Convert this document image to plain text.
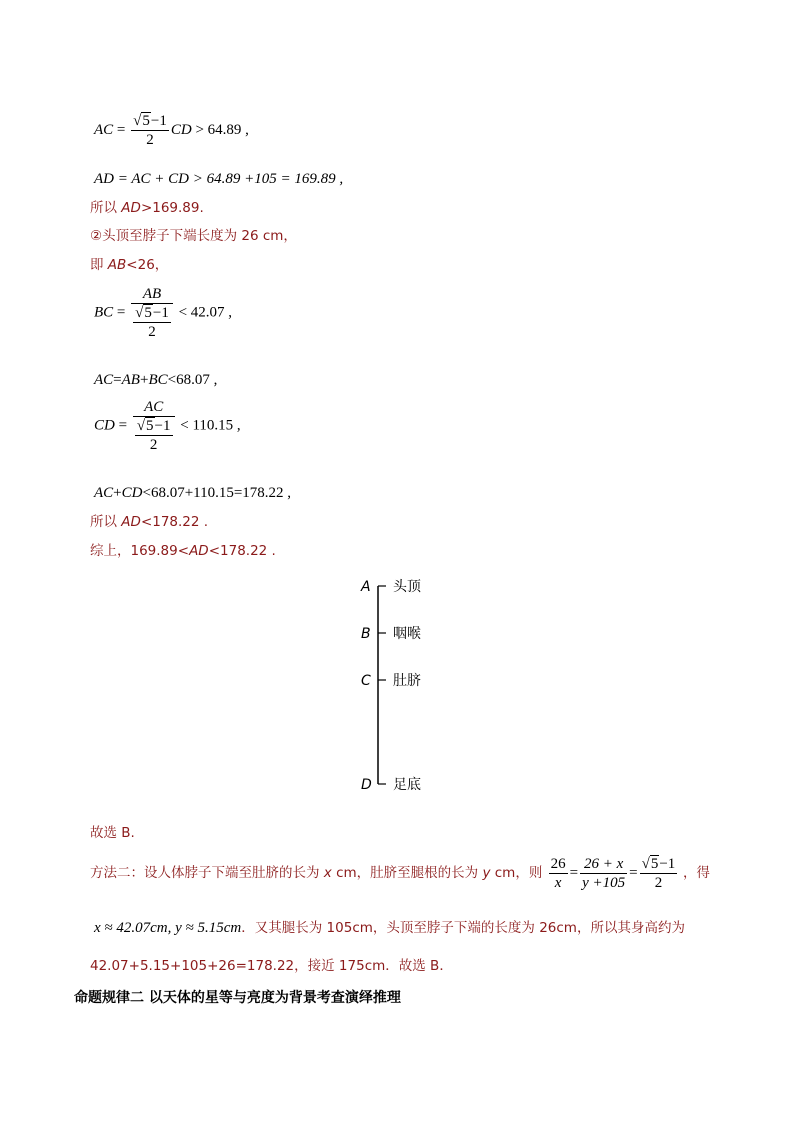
AC = $\frac{√5-1}{2}$ CD > 64.89 ,
AD = AC + CD > 64.89 +105 = 169.89 ,
所以 AD>169.89.
②头顶至脖子下端长度为 26 cm，
即 AB<26，
BC = $\frac{AB}{\frac{√5-1}{2}} < 42.07$ ,
AC=AB+BC<68.07 ,
CD = $\frac{AC}{\frac{√5-1}{2}} < 110.15$ ,
AC+CD<68.07+110.15=178.22 ,
所以 AD<178.22 .
综上，169.89<AD<178.22 .
A 头顶
B 咽喉
C 肚脐
D 足底
故选 B.
方法二：设人体脖子下端至肚脐的长为 x cm，肚脐至腿根的长为 y cm，则 $\frac{26}{x} = \frac{26 + x}{y +105} = \frac{√5-1}{2}$ ，得
x ≈ 42.07cm, y ≈ 5.15cm．又其腿长为 105cm，头顶至脖子下端的长度为 26cm，所以其身高约为
42.07+5.15+105+26=178.22，接近 175cm．故选 B．
命题规律二 以天体的星等与亮度为背景考查演绎推理
